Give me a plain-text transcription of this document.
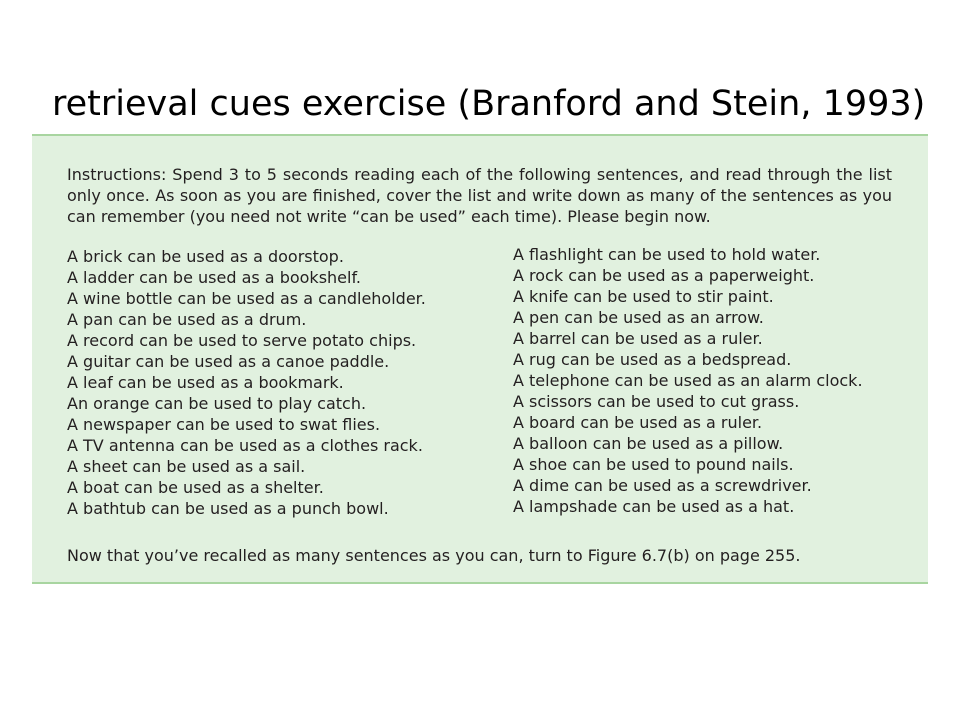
retrieval cues exercise (Branford and Stein, 1993)

Instructions: Spend 3 to 5 seconds reading each of the following sentences, and read through the list only once. As soon as you are finished, cover the list and write down as many of the sentences as you can remember (you need not write “can be used” each time). Please begin now.

A brick can be used as a doorstop.
A ladder can be used as a bookshelf.
A wine bottle can be used as a candleholder.
A pan can be used as a drum.
A record can be used to serve potato chips.
A guitar can be used as a canoe paddle.
A leaf can be used as a bookmark.
An orange can be used to play catch.
A newspaper can be used to swat flies.
A TV antenna can be used as a clothes rack.
A sheet can be used as a sail.
A boat can be used as a shelter.
A bathtub can be used as a punch bowl.
A flashlight can be used to hold water.
A rock can be used as a paperweight.
A knife can be used to stir paint.
A pen can be used as an arrow.
A barrel can be used as a ruler.
A rug can be used as a bedspread.
A telephone can be used as an alarm clock.
A scissors can be used to cut grass.
A board can be used as a ruler.
A balloon can be used as a pillow.
A shoe can be used to pound nails.
A dime can be used as a screwdriver.
A lampshade can be used as a hat.

Now that you’ve recalled as many sentences as you can, turn to Figure 6.7(b) on page 255.
